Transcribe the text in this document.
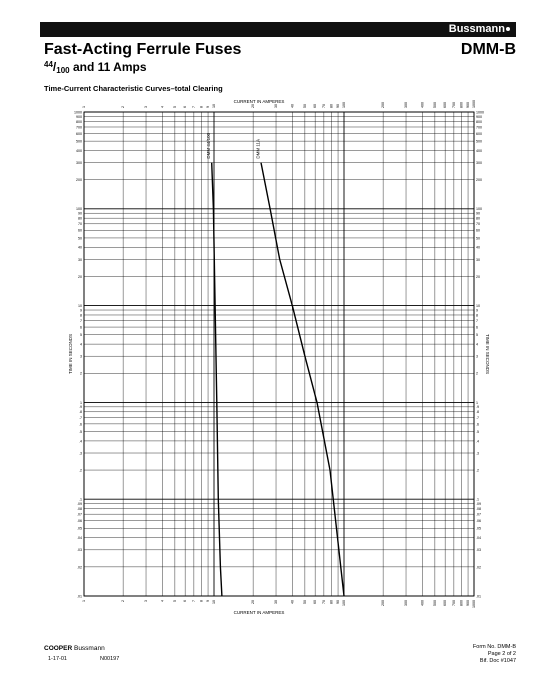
Bussmann
Fast-Acting Ferrule Fuses	DMM-B
$^{44}$/100 and 11 Amps
Time-Current Characteristic Curves–total Clearing
1
1
2
2
3
3
4
4
5
5
6
6
7
7
8
8
9
9
10
10
20
20
30
30
40
40
50
50
60
60
70
70
80
80
90
90
100
100
200
200
300
300
400
400
500
500
600
600
700
700
800
800
900
900
1000
1000
1000	1000
900	900
800	800
700	700
600	600
500	500
400	400
300	300
200	200
100	100
90	90
80	80
70	70
60	60
50	50
40	40
30	30
20	20
10	10
9	9
8	8
7	7
6	6
5	5
4	4
3	3
2	2
1	1
.9	.9
.8	.8
.7	.7
.6	.6
.5	.5
.4	.4
.3	.3
.2	.2
.1	.1
.09	.09
.08	.08
.07	.07
.06	.06
.05	.05
.04	.04
.03	.03
.02	.02
.01	.01
CURRENT IN AMPERES
CURRENT IN AMPERES
TIME IN SECONDS	TIME IN SECONDS
DMM 44/100	DMM 11A
COOPER Bussmann
1-17-01	N00197
Form No. DMM-B
Page 2 of 2
Bif. Doc #1047
